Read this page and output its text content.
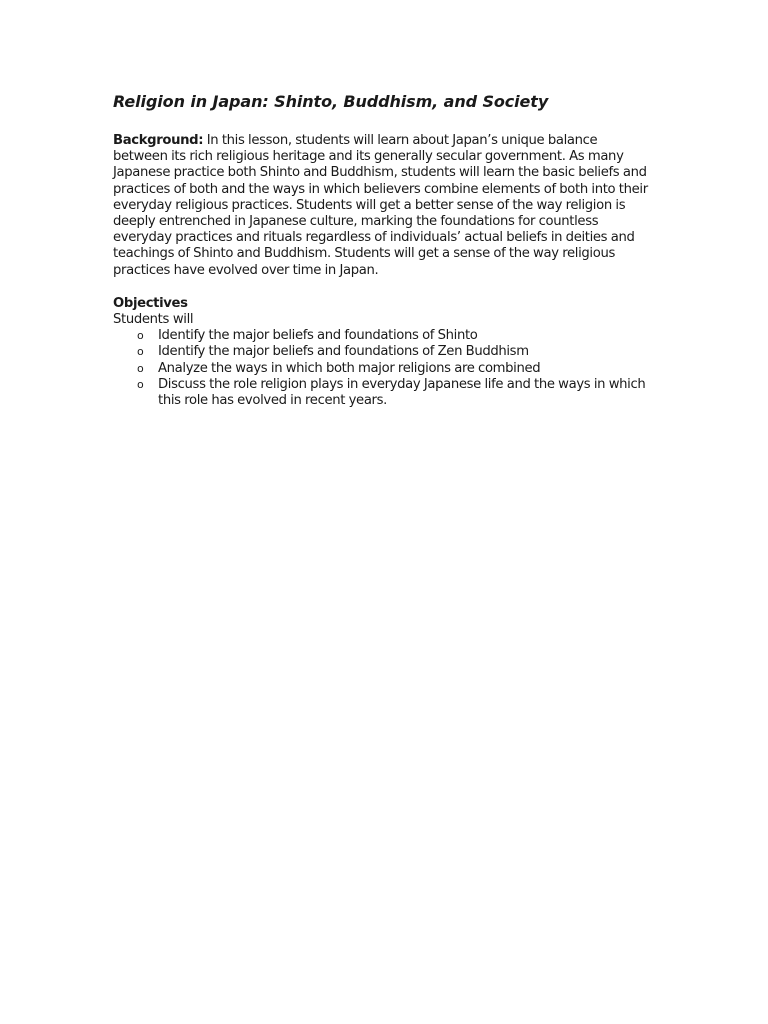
Religion in Japan: Shinto, Buddhism, and Society

Background: In this lesson, students will learn about Japan’s unique balance between its rich religious heritage and its generally secular government. As many Japanese practice both Shinto and Buddhism, students will learn the basic beliefs and practices of both and the ways in which believers combine elements of both into their everyday religious practices. Students will get a better sense of the way religion is deeply entrenched in Japanese culture, marking the foundations for countless everyday practices and rituals regardless of individuals’ actual beliefs in deities and teachings of Shinto and Buddhism. Students will get a sense of the way religious practices have evolved over time in Japan.

Objectives
Students will
o Identify the major beliefs and foundations of Shinto
o Identify the major beliefs and foundations of Zen Buddhism
o Analyze the ways in which both major religions are combined
o Discuss the role religion plays in everyday Japanese life and the ways in which this role has evolved in recent years.
